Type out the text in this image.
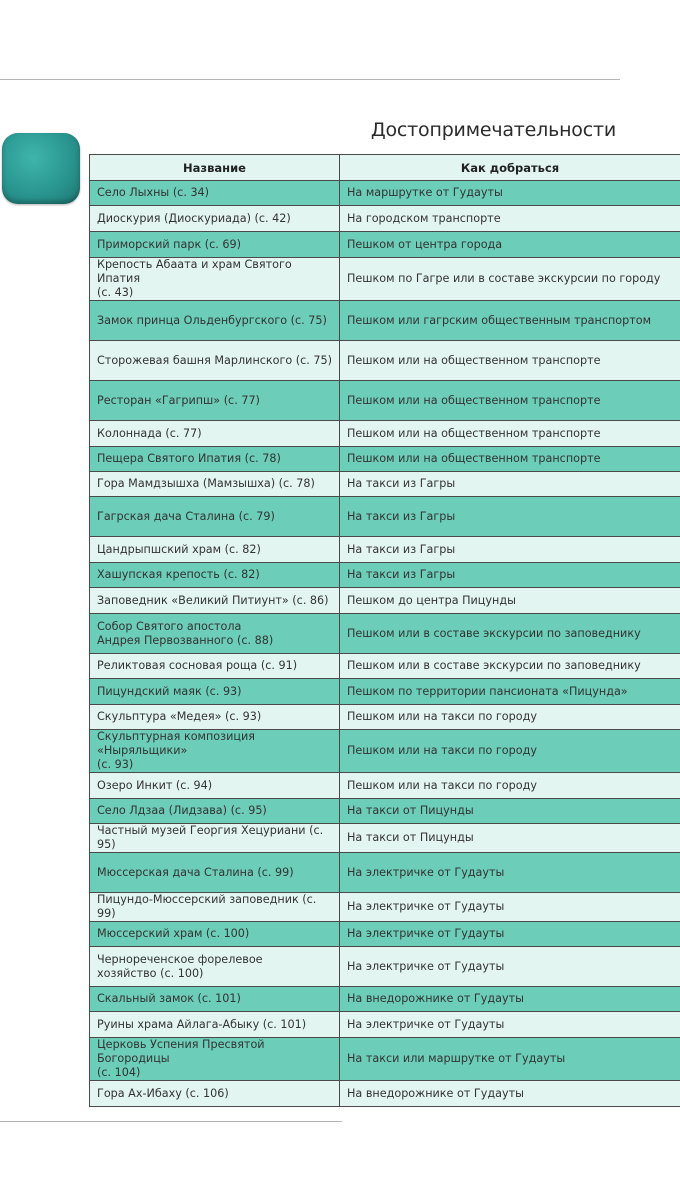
Достопримечательности
Название	Как добраться
Село Лыхны (с. 34)	На маршрутке от Гудауты
Диоскурия (Диоскуриада) (с. 42)	На городском транспорте
Приморский парк (с. 69)	Пешком от центра города
Крепость Абаата и храм Святого Ипатия
(с. 43)	Пешком по Гагре или в составе экскурсии по городу
Замок принца Ольденбургского (с. 75)	Пешком или гагрским общественным транспортом
Сторожевая башня Марлинского (с. 75)	Пешком или на общественном транспорте
Ресторан «Гагрипш» (с. 77)	Пешком или на общественном транспорте
Колоннада (с. 77)	Пешком или на общественном транспорте
Пещера Святого Ипатия (с. 78)	Пешком или на общественном транспорте
Гора Мамдзышха (Мамзышха) (с. 78)	На такси из Гагры
Гагрская дача Сталина (с. 79)	На такси из Гагры
Цандрыпшский храм (с. 82)	На такси из Гагры
Хашупская крепость (с. 82)	На такси из Гагры
Заповедник «Великий Питиунт» (с. 86)	Пешком до центра Пицунды
Собор Святого апостола
Андрея Первозванного (с. 88)	Пешком или в составе экскурсии по заповеднику
Реликтовая сосновая роща (с. 91)	Пешком или в составе экскурсии по заповеднику
Пицундский маяк (с. 93)	Пешком по территории пансионата «Пицунда»
Скульптура «Медея» (с. 93)	Пешком или на такси по городу
Скульптурная композиция «Ныряльщики»
(с. 93)	Пешком или на такси по городу
Озеро Инкит (с. 94)	Пешком или на такси по городу
Село Лдзаа (Лидзава) (с. 95)	На такси от Пицунды
Частный музей Георгия Хецуриани (с. 95)	На такси от Пицунды
Мюссерская дача Сталина (с. 99)	На электричке от Гудауты
Пицундо-Мюссерский заповедник (с. 99)	На электричке от Гудауты
Мюссерский храм (с. 100)	На электричке от Гудауты
Чернореченское форелевое
хозяйство (с. 100)	На электричке от Гудауты
Скальный замок (с. 101)	На внедорожнике от Гудауты
Руины храма Айлага-Абыку (с. 101)	На электричке от Гудауты
Церковь Успения Пресвятой Богородицы
(с. 104)	На такси или маршрутке от Гудауты
Гора Ах-Ибаху (с. 106)	На внедорожнике от Гудауты
